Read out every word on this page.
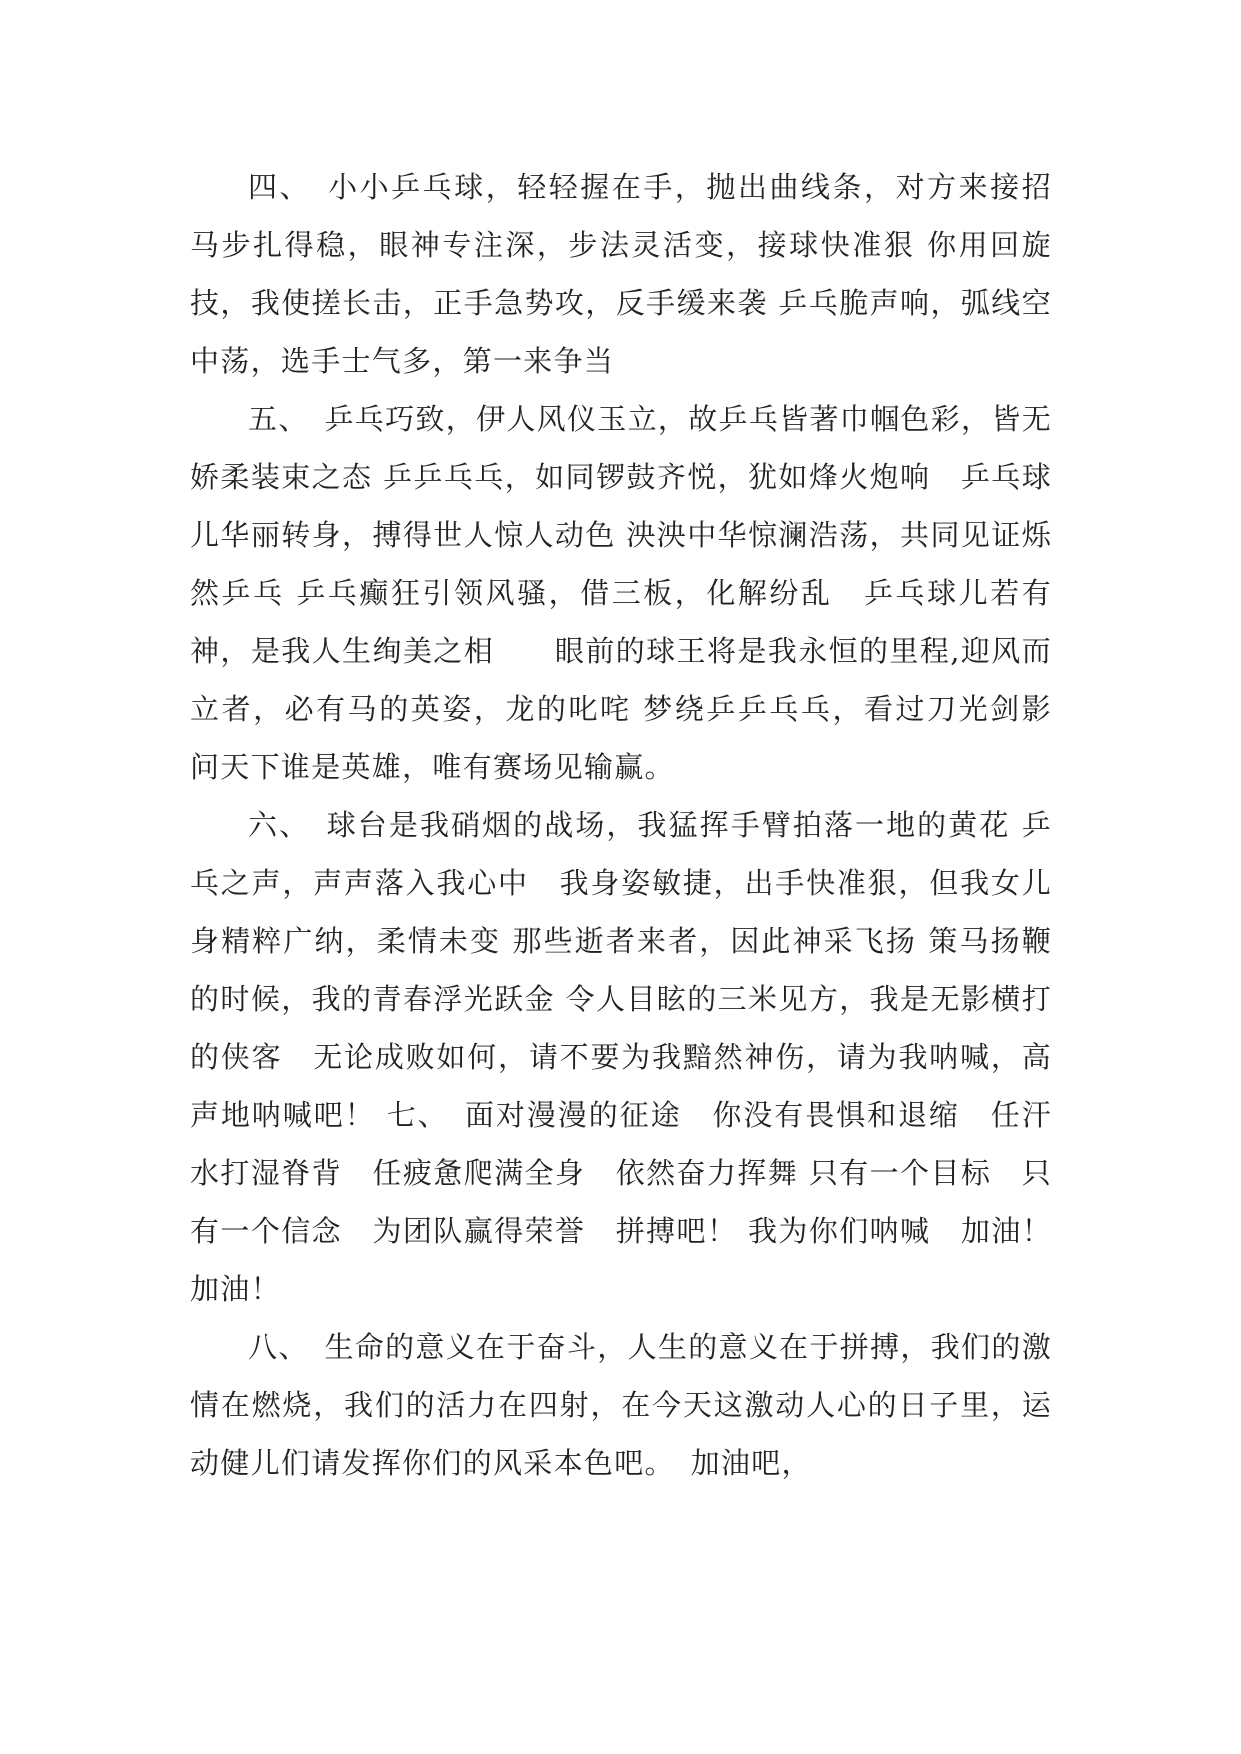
四、　小小乒乓球，轻轻握在手，抛出曲线条，对方来接招 马步扎得稳，眼神专注深，步法灵活变，接球快准狠 你用回旋技，我使搓长击，正手急势攻，反手缓来袭 乒乓脆声响，弧线空中荡，选手士气多，第一来争当

五、　乒乓巧致，伊人风仪玉立，故乒乓皆著巾帼色彩，皆无娇柔装束之态 乒乒乓乓，如同锣鼓齐悦，犹如烽火炮响　乒乓球儿华丽转身，搏得世人惊人动色 泱泱中华惊澜浩荡，共同见证烁然乒乓 乒乓癫狂引领风骚，借三板，化解纷乱　乒乓球儿若有神，是我人生绚美之相　　眼前的球王将是我永恒的里程,迎风而立者，必有马的英姿，龙的叱咤 梦绕乒乒乓乓，看过刀光剑影 问天下谁是英雄，唯有赛场见输赢。

六、　球台是我硝烟的战场，我猛挥手臂拍落一地的黄花 乒乓之声，声声落入我心中　我身姿敏捷，出手快准狠，但我女儿身精粹广纳，柔情未变 那些逝者来者，因此神采飞扬 策马扬鞭的时候，我的青春浮光跃金 令人目眩的三米见方，我是无影横打的侠客　无论成败如何，请不要为我黯然神伤，请为我呐喊，高声地呐喊吧！ 七、　面对漫漫的征途　你没有畏惧和退缩　任汗水打湿脊背　任疲惫爬满全身　依然奋力挥舞 只有一个目标　只有一个信念　为团队赢得荣誉　拼搏吧！ 我为你们呐喊　加油！加油！

八、　生命的意义在于奋斗，人生的意义在于拼搏，我们的激情在燃烧，我们的活力在四射，在今天这激动人心的日子里，运动健儿们请发挥你们的风采本色吧。　加油吧，
